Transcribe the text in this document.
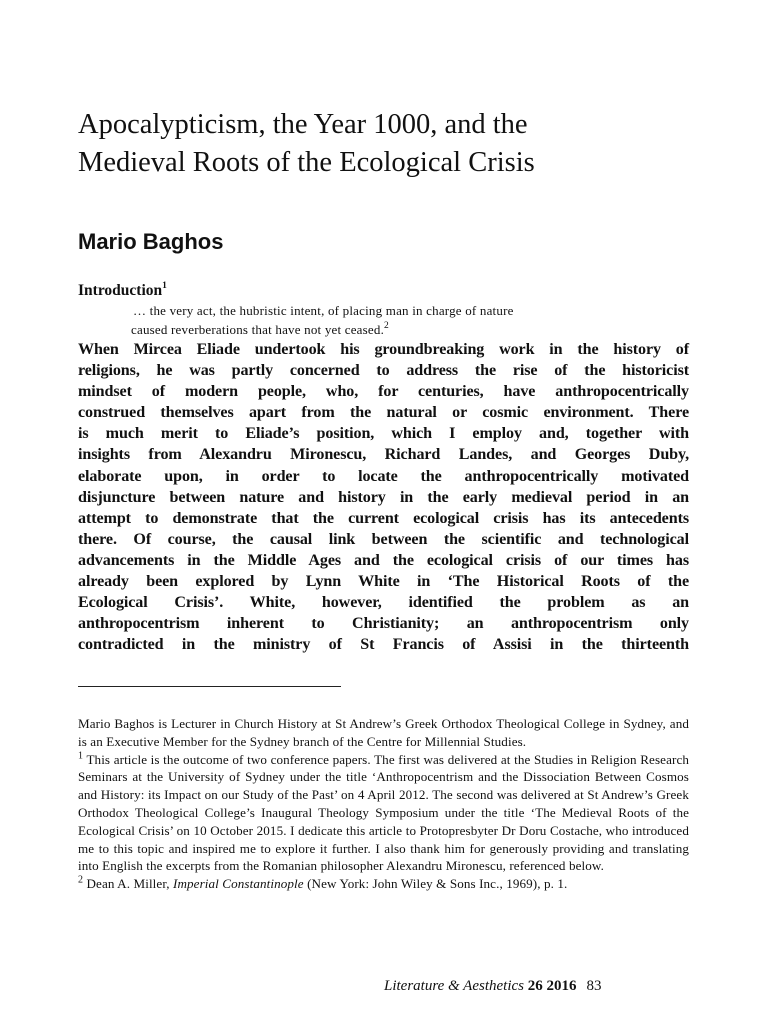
Apocalypticism, the Year 1000, and the
Medieval Roots of the Ecological Crisis
Mario Baghos
Introduction$^1$
… the very act, the hubristic intent, of placing man in charge of nature
caused reverberations that have not yet ceased.$^2$
When Mircea Eliade undertook his groundbreaking work in the history of
religions, he was partly concerned to address the rise of the historicist
mindset of modern people, who, for centuries, have anthropocentrically
construed themselves apart from the natural or cosmic environment. There
is much merit to Eliade’s position, which I employ and, together with
insights from Alexandru Mironescu, Richard Landes, and Georges Duby,
elaborate upon, in order to locate the anthropocentrically motivated
disjuncture between nature and history in the early medieval period in an
attempt to demonstrate that the current ecological crisis has its antecedents
there. Of course, the causal link between the scientific and technological
advancements in the Middle Ages and the ecological crisis of our times has
already been explored by Lynn White in ‘The Historical Roots of the
Ecological Crisis’. White, however, identified the problem as an
anthropocentrism inherent to Christianity; an anthropocentrism only
contradicted in the ministry of St Francis of Assisi in the thirteenth

Mario Baghos is Lecturer in Church History at St Andrew’s Greek Orthodox Theological College in Sydney, and is an Executive Member for the Sydney branch of the Centre for Millennial Studies.

$^1$ This article is the outcome of two conference papers. The first was delivered at the Studies in Religion Research Seminars at the University of Sydney under the title ‘Anthropocentrism and the Dissociation Between Cosmos and History: its Impact on our Study of the Past’ on 4 April 2012. The second was delivered at St Andrew’s Greek Orthodox Theological College’s Inaugural Theology Symposium under the title ‘The Medieval Roots of the Ecological Crisis’ on 10 October 2015. I dedicate this article to Protopresbyter Dr Doru Costache, who introduced me to this topic and inspired me to explore it further. I also thank him for generously providing and translating into English the excerpts from the Romanian philosopher Alexandru Mironescu, referenced below.

$^2$ Dean A. Miller, Imperial Constantinople (New York: John Wiley & Sons Inc., 1969), p. 1.

Literature & Aesthetics 26 2016 83
